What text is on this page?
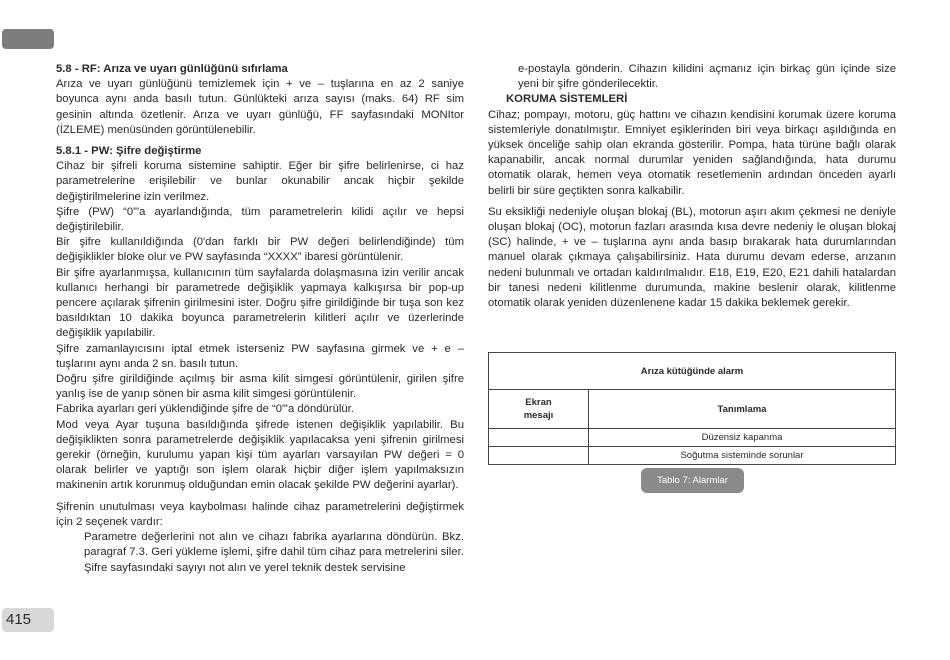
415

5.8 - RF: Arıza ve uyarı günlüğünü sıfırlama

Arıza ve uyarı günlüğünü temizlemek için + ve – tuşlarına en az 2 saniye boyunca aynı anda basılı tutun. Günlükteki arıza sayısı (maks. 64) RF sim gesinin altında özetlenir. Arıza ve uyarı günlüğü, FF sayfasındaki MONItor (İZLEME) menüsünden görüntülenebilir.

5.8.1 - PW: Şifre değiştirme

Cihaz bir şifreli koruma sistemine sahiptir. Eğer bir şifre belirlenirse, ci haz parametrelerine erişilebilir ve bunlar okunabilir ancak hiçbir şekilde değiştirilmelerine izin verilmez.

Şifre (PW) “0”'a ayarlandığında, tüm parametrelerin kilidi açılır ve hepsi değiştirilebilir.

Bir şifre kullanıldığında (0'dan farklı bir PW değeri belirlendiğinde) tüm değişiklikler bloke olur ve PW sayfasında “XXXX” ibaresi görüntülenir.

Bir şifre ayarlanmışsa, kullanıcının tüm sayfalarda dolaşmasına izin verilir ancak kullanıcı herhangi bir parametrede değişiklik yapmaya kalkışırsa bir pop-up pencere açılarak şifrenin girilmesini ister. Doğru şifre girildiğinde bir tuşa son kez basıldıktan 10 dakika boyunca parametrelerin kilitleri açılır ve üzerlerinde değişiklik yapılabilir.

Şifre zamanlayıcısını iptal etmek isterseniz PW sayfasına girmek ve + e – tuşlarını aynı anda 2 sn. basılı tutun.

Doğru şifre girildiğinde açılmış bir asma kilit simgesi görüntülenir, girilen şifre yanlış ise de yanıp sönen bir asma kilit simgesi görüntülenir.

Fabrika ayarları geri yüklendiğinde şifre de “0”'a döndürülür.

Mod veya Ayar tuşuna basıldığında şifrede istenen değişiklik yapılabilir. Bu değişiklikten sonra parametrelerde değişiklik yapılacaksa yeni şifrenin girilmesi gerekir (örneğin, kurulumu yapan kişi tüm ayarları varsayılan PW değeri = 0 olarak belirler ve yaptığı son işlem olarak hiçbir diğer işlem yapılmaksızın makinenin artık korunmuş olduğundan emin olacak şekilde PW değerini ayarlar).

Şifrenin unutulması veya kaybolması halinde cihaz parametrelerini değiştirmek için 2 seçenek vardır:

Parametre değerlerini not alın ve cihazı fabrika ayarlarına döndürün. Bkz. paragraf 7.3. Geri yükleme işlemi, şifre dahil tüm cihaz para metrelerini siler.

Şifre sayfasındaki sayıyı not alın ve yerel teknik destek servisine

e-postayla gönderin. Cihazın kilidini açmanız için birkaç gün içinde size yeni bir şifre gönderilecektir.

KORUMA SİSTEMLERİ

Cihaz; pompayı, motoru, güç hattını ve cihazın kendisini korumak üzere koruma sistemleriyle donatılmıştır. Emniyet eşiklerinden biri veya birkaçı aşıldığında en yüksek önceliğe sahip olan ekranda gösterilir. Pompa, hata türüne bağlı olarak kapanabilir, ancak normal durumlar yeniden sağlandığında, hata durumu otomatik olarak, hemen veya otomatik resetlemenin ardından önceden ayarlı belirli bir süre geçtikten sonra kalkabilir.

Su eksikliği nedeniyle oluşan blokaj (BL), motorun aşırı akım çekmesi ne deniyle oluşan blokaj (OC), motorun fazları arasında kısa devre nedeniy le oluşan blokaj (SC) halinde, + ve – tuşlarına aynı anda basıp bırakarak hata durumlarından manuel olarak çıkmaya çalışabilirsiniz. Hata durumu devam ederse, arızanın nedeni bulunmalı ve ortadan kaldırılmalıdır. E18, E19, E20, E21 dahili hatalardan bir tanesi nedeni kilitlenme durumunda, makine beslenir olarak, kilitlenme otomatik olarak yeniden düzenlenene kadar 15 dakika beklemek gerekir.

Arıza kütüğünde alarm	
Ekran
mesajı	Tanımlama
	Düzensiz kapanma
	Soğutma sisteminde sorunlar
Tablo 7: Alarmlar
